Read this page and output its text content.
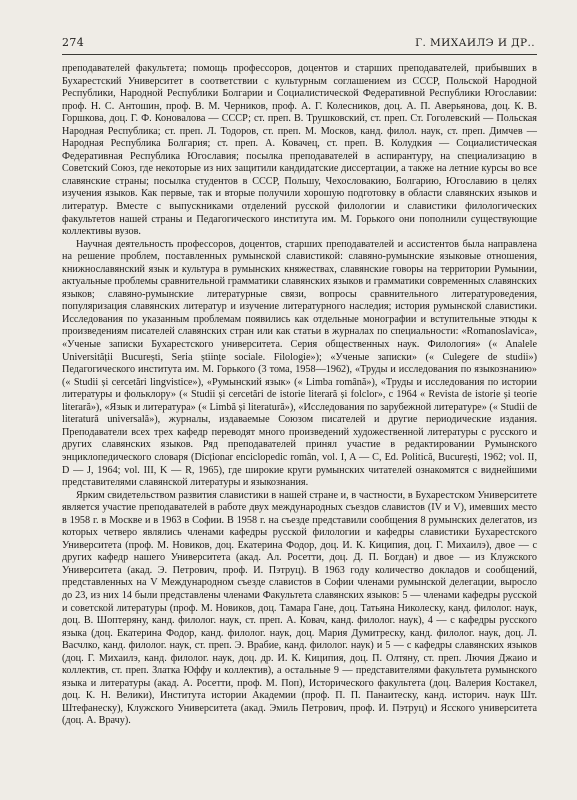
274	Г. МИХАИЛЭ И ДР..

преподавателей факультета; помощь профессоров, доцентов и старших преподавателей, прибывших в Бухарестский Университет в соответствии с культурным соглашением из СССР, Польской Народной Республики, Народной Республики Болгарии и Социалистической Федеративной Республики Югославии: проф. Н. С. Антошин, проф. В. М. Черников, проф. А. Г. Колесников, доц. А. П. Аверьянова, доц. К. В. Горшкова, доц. Г. Ф. Коновалова — СССР; ст. преп. В. Трушковский, ст. преп. Ст. Гоголевский — Польская Народная Республика; ст. преп. Л. Тодоров, ст. преп. М. Москов, канд. филол. наук, ст. преп. Димчев — Народная Республика Болгария; ст. преп. А. Ковачец, ст. преп. В. Колудкия — Социалистическая Федеративная Республика Югославия; посылка преподавателей в аспирантуру, на специализацию в Советский Союз, где некоторые из них защитили кандидатские диссертации, а также на летние курсы во все славянские страны; посылка студентов в СССР, Польшу, Чехословакию, Болгарию, Югославию в целях изучения языков. Как первые, так и вторые получили хорошую подготовку в области славянских языков и литератур. Вместе с выпускниками отделений русской филологии и славистики филологических факультетов нашей страны и Педагогического института им. М. Горького они пополнили существующие коллективы вузов.

Научная деятельность профессоров, доцентов, старших преподавателей и ассистентов была направлена на решение проблем, поставленных румынской славистикой: славяно-румынские языковые отношения, книжнославянский язык и культура в румынских княжествах, славянские говоры на территории Румынии, актуальные проблемы сравнительной грамматики славянских языков и грамматики современных славянских языков; славяно-румынские литературные связи, вопросы сравнительного литературоведения, популяризация славянских литератур и изучение литературного наследия; история румынской славистики. Исследования по указанным проблемам появились как отдельные монографии и вступительные этюды к произведениям писателей славянских стран или как статьи в журналах по специальности: «Romanoslavica», «Ученые записки Бухарестского университета. Серия общественных наук. Филология» (« Analele Universității București, Seria științe sociale. Filologie»); «Ученые записки» (« Culegere de studii») Педагогического института им. М. Горького (3 тома, 1958—1962), «Труды и исследования по языкознанию» (« Studii și cercetări lingvistice»), «Румынский язык» (« Limba română»), «Труды и исследования по истории литературы и фольклору» (« Studii și cercetări de istorie literară și folclor», с 1964 « Revista de istorie și teorie literară»), «Язык и литература» (« Limbă și literatură»), «Исследования по зарубежной литературе» (« Studii de literatură universală»), журналы, издаваемые Союзом писателей и другие периодические издания. Преподаватели всех трех кафедр переводят много произведений художественной литературы с русского и других славянских языков. Ряд преподавателей принял участие в редактировании Румынского энциклопедического словаря (Dicționar enciclopedic român, vol. I, A — C, Ed. Politică, București, 1962; vol. II, D — J, 1964; vol. III, K — R, 1965), где широкие круги румынских читателей ознакомятся с виднейшими представителями славянской литературы и языкознания.

Ярким свидетельством развития славистики в нашей стране и, в частности, в Бухарестском Университете является участие преподавателей в работе двух международных съездов славистов (IV и V), имевших место в 1958 г. в Москве и в 1963 в Софии. В 1958 г. на съезде представили сообщения 8 румынских делегатов, из которых четверо являлись членами кафедры русской филологии и кафедры славистики Бухарестского Университета (проф. М. Новиков, доц. Екатерина Фодор, доц. И. К. Киципия, доц. Г. Михаилэ), двое — с других кафедр нашего Университета (акад. Ал. Росетти, доц. Д. П. Богдан) и двое — из Клужского Университета (акад. Э. Петрович, проф. И. Пэтруц). В 1963 году количество докладов и сообщений, представленных на V Международном съезде славистов в Софии членами румынской делегации, выросло до 23, из них 14 были представлены членами Факультета славянских языков: 5 — членами кафедры русской и советской литературы (проф. М. Новиков, доц. Тамара Гане, доц. Татьяна Николеску, канд. филолог. наук, доц. В. Шоптеряну, канд. филолог. наук, ст. преп. А. Ковач, канд. филолог. наук), 4 — с кафедры русского языка (доц. Екатерина Фодор, канд. филолог. наук, доц. Мария Думитреску, канд. филолог. наук, доц. Л. Васчлко, канд. филолог. наук, ст. преп. Э. Врабие, канд. филолог. наук) и 5 — с кафедры славянских языков (доц. Г. Михаилэ, канд. филолог. наук, доц. др. И. К. Киципия, доц. П. Олтяну, ст. преп. Лючия Джаио и коллектив, ст. преп. Златка Юффу и коллектив), а остальные 9 — представителями факультета румынского языка и литературы (акад. А. Росетти, проф. М. Поп), Исторического факультета (доц. Валерия Костакел, доц. К. Н. Велики), Института истории Академии (проф. П. П. Панаитеску, канд. историч. наук Шт. Штефанеску), Клужского Университета (акад. Эмиль Петрович, проф. И. Пэтруц) и Ясского университета (доц. А. Врачу).
